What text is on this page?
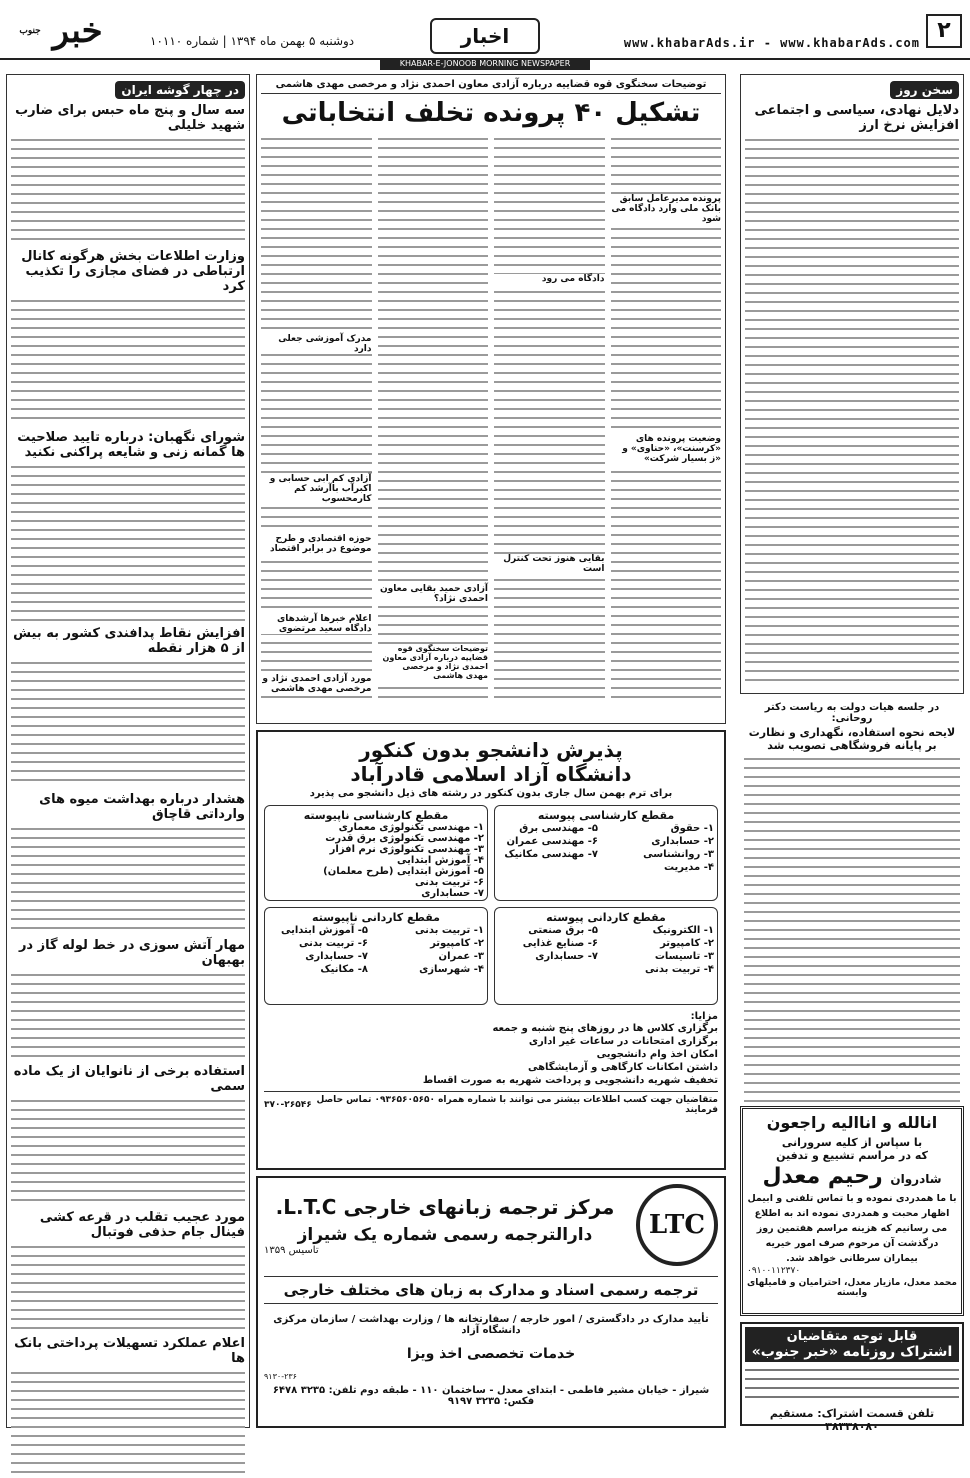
۲
www.khabarAds.ir - www.khabarAds.com
اخبار
دوشنبه ۵ بهمن ماه ۱۳۹۴ | شماره ۱۰۱۱۰
خبر $^{جنوب}$
KHABAR-E-JONOOB MORNING NEWSPAPER
سخن روز
دلایل نهادی، سیاسی و اجتماعی افزایش نرخ ارز
در جلسه هیات دولت به ریاست دکتر روحانی:
لایحه نحوه استفاده، نگهداری و نظارت بر پایانه فروشگاهی تصویب شد
انالله و انااليه راجعون
با سپاس از کلیه سرورانی
که در مراسم تشییع و تدفین
شادروان رحیم معدل
با ما همدردی نموده و با تماس تلفنی و ابیمل اظهار محبت و همدردی نموده اند به اطلاع می رسانیم که هزینه مراسم هفتمین روز درگذشت آن مرحوم صرف امور خیریه بیماران سرطانی خواهد شد.
۰۹۱۰۰۱۱۲۳۷۰
محمد معدل، مازیار معدل، احترامیان و فامیلهای وابسته
قابل توجه متقاضیان
اشتراک روزنامه «خبر جنوب»
تلفن قسمت اشتراک: مستقیم ۳۸۳۳۸۰۸۰
توضیحات سخنگوی قوه قضاییه درباره آزادی معاون احمدی نژاد و مرخصی مهدی هاشمی
تشکیل ۴۰ پرونده تخلف انتخاباتی
پرونده مدیرعامل سابق بانک ملی وارد دادگاه می شود
وضعیت پرونده های «کرسنت»، «حناوی» و «ز بسیار شرکت»
دادگاه می رود
بقایی هنوز تحت کنترل است
آزادی حمید بقایی معاون احمدی نژاد؟
توضیحات سخنگوی قوه قضاییه درباره آزادی معاون احمدی نژاد و مرخصی مهدی هاشمی
مدرک آموزشی جعلی دارد
آزادی کم ابی حسابی و اکبرآب باآرشد کم کارمحسوب
حوزه اقتصادی و طرح موضوع در برابر اقتصاد
اعلام خبرها آرشدهای دادگاه سعید مرتضوی
مورد آزادی احمدی نژاد و مرخصی مهدی هاشمی
پذیرش دانشجو بدون کنکور
دانشگاه آزاد اسلامی قادرآباد
برای ترم بهمن سال جاری بدون کنکور در رشته های ذیل دانشجو می پذیرد
مقطع کارشناسی پیوسته
۱- حقوق
۲- حسابداری
۳- روانشناسی
۴- مدیریت
۵- مهندسی برق
۶- مهندسی عمران
۷- مهندسی مکانیک
مقطع کارشناسی ناپیوسته
۱- مهندسی تکنولوژی معماری
۲- مهندسی تکنولوژی برق قدرت
۳- مهندسی تکنولوژی نرم افزار
۴- آموزش ابتدایی
۵- آموزش ابتدایی (طرح معلمان)
۶- تربیت بدنی
۷- حسابداری
مقطع کاردانی پیوسته
۱- الکترونیک
۲- کامپیوتر
۳- تاسیسات
۴- تربیت بدنی
۵- برق صنعتی
۶- صنایع غذایی
۷- حسابداری
مقطع کاردانی ناپیوسته
۱- تربیت بدنی
۲- کامپیوتر
۳- عمران
۴- شهرسازی
۵- آموزش ابتدایی
۶- تربیت بدنی
۷- حسابداری
۸- مکانیک
مزایا:
برگزاری کلاس ها در روزهای پنج شنبه و جمعه
برگزاری امتحانات در ساعات غیر اداری
امکان اخذ وام دانشجویی
داشتن امکانات کارگاهی و آزمایشگاهی
تخفیف شهریه دانشجویی و پرداخت شهریه به صورت اقساط
متقاضیان جهت کسب اطلاعات بیشتر می توانند با شماره همراه ۰۹۳۶۵۶۰۵۶۵۰ تماس حاصل فرمایند
۳۷۰-۲۶۵۴۶
LTC
مرکز ترجمه زبانهای خارجی L.T.C.
دارالترجمه رسمی شماره یک شیراز
تاسیس ۱۳۵۹
ترجمه رسمی اسناد و مدارک به زبان های مختلف خارجی
تأیید مدارک در دادگستری / امور خارجه / سفارتخانه ها / وزارت بهداشت / سازمان مرکزی دانشگاه آزاد
خدمات تخصصی اخذ ویزا
۹۱۳۰-۲۳۶
شیراز - خیابان مشیر فاطمی - ابتدای معدل - ساختمان ۱۱۰ - طبقه دوم تلفن: ۳۲۳۵ ۶۴۷۸ فکس: ۳۲۳۵ ۹۱۹۷
در چهار گوشه ایران
سه سال و پنج ماه حبس برای ضارب شهید خلیلی
وزارت اطلاعات بخش هرگونه کانال ارتباطی در فضای مجازی را تکذیب کرد
شورای نگهبان: درباره تایید صلاحیت ها گمانه زنی و شایعه پراکنی نکنید
افزایش نقاط پدافندی کشور به بیش از ۵ هزار نقطه
هشدار درباره بهداشت میوه های وارداتی قاچاق
مهار آتش سوزی در خط لوله گاز در بهبهان
استفاده برخی از نانوایان از یک ماده سمی
مورد عجیب تقلب در قرعه کشی فینال جام حذفی فوتبال
اعلام عملکرد تسهیلات پرداختی بانک ها
